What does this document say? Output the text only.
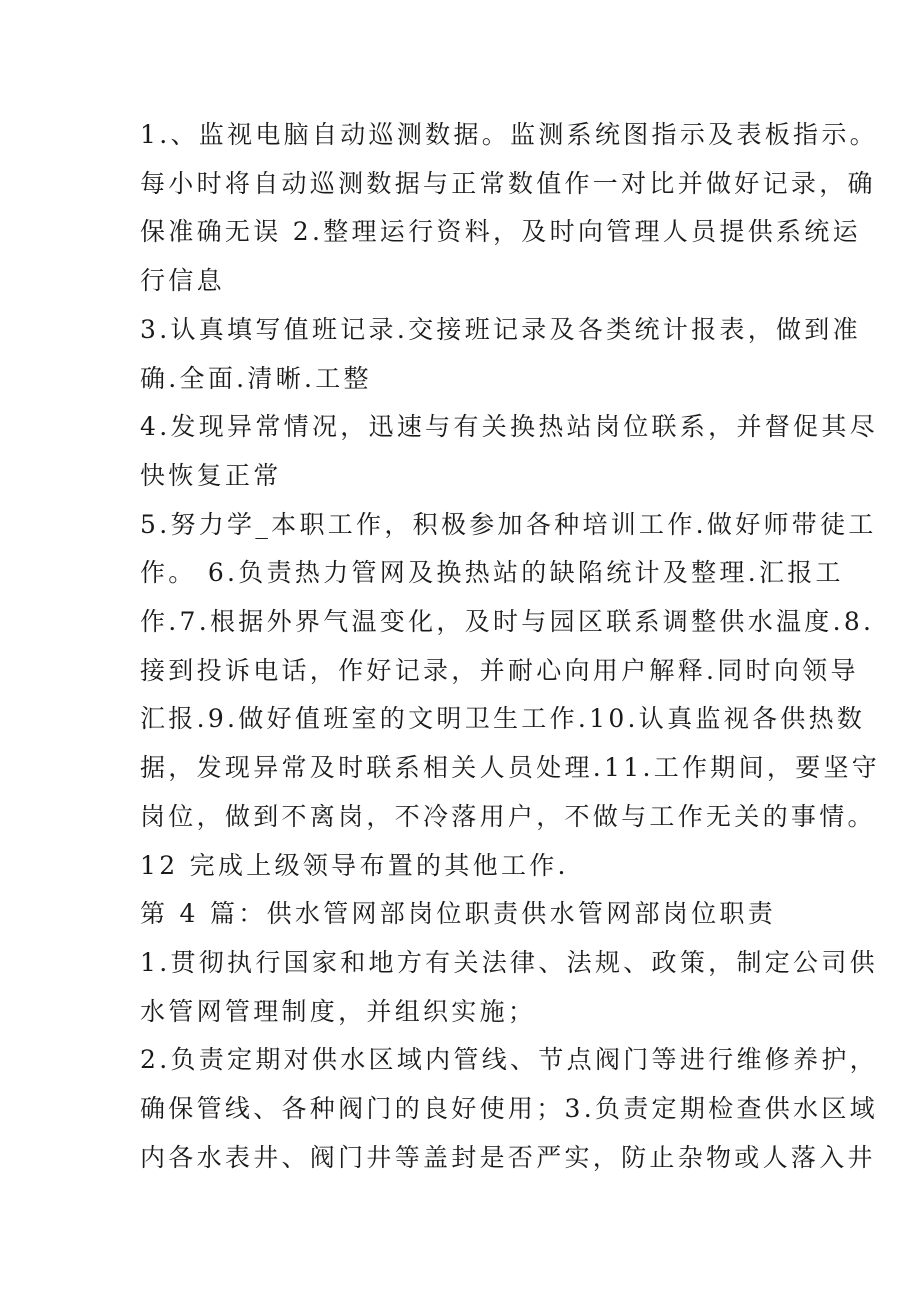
1.、监视电脑自动巡测数据。监测系统图指示及表板指示。

每小时将自动巡测数据与正常数值作一对比并做好记录，确

保准确无误 2.整理运行资料，及时向管理人员提供系统运

行信息

3.认真填写值班记录.交接班记录及各类统计报表，做到准

确.全面.清晰.工整

4.发现异常情况，迅速与有关换热站岗位联系，并督促其尽

快恢复正常

5.努力学_本职工作，积极参加各种培训工作.做好师带徒工

作。 6.负责热力管网及换热站的缺陷统计及整理.汇报工

作.7.根据外界气温变化，及时与园区联系调整供水温度.8.

接到投诉电话，作好记录，并耐心向用户解释.同时向领导

汇报.9.做好值班室的文明卫生工作.10.认真监视各供热数

据，发现异常及时联系相关人员处理.11.工作期间，要坚守

岗位，做到不离岗，不冷落用户，不做与工作无关的事情。

12 完成上级领导布置的其他工作.

第 4 篇：供水管网部岗位职责供水管网部岗位职责

1.贯彻执行国家和地方有关法律、法规、政策，制定公司供

水管网管理制度，并组织实施；

2.负责定期对供水区域内管线、节点阀门等进行维修养护，

确保管线、各种阀门的良好使用；3.负责定期检查供水区域

内各水表井、阀门井等盖封是否严实，防止杂物或人落入井
